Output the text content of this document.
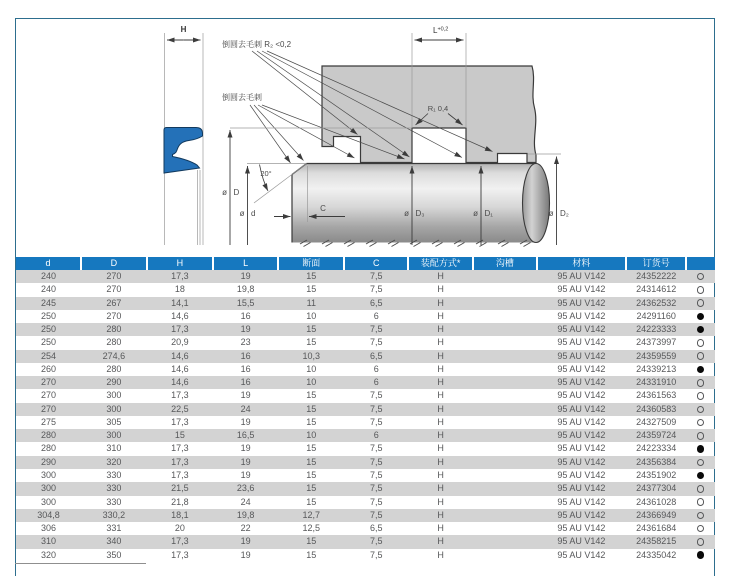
H	$L^{+0,2}$
R₁ 0,4
倒圆去毛刺 R₂ <0,2
倒圆去毛刺
20°
C
ø D
ø d	ø D₃	ø D₁	ø D₂
d	D	H	L	断面	C	装配方式*	沟槽	材料	订货号	
240	270	17,3	19	15	7,5	H		95 AU V142	24352222	
240	270	18	19,8	15	7,5	H		95 AU V142	24314612	
245	267	14,1	15,5	11	6,5	H		95 AU V142	24362532	
250	270	14,6	16	10	6	H		95 AU V142	24291160	
250	280	17,3	19	15	7,5	H		95 AU V142	24223333	
250	280	20,9	23	15	7,5	H		95 AU V142	24373997	
254	274,6	14,6	16	10,3	6,5	H		95 AU V142	24359559	
260	280	14,6	16	10	6	H		95 AU V142	24339213	
270	290	14,6	16	10	6	H		95 AU V142	24331910	
270	300	17,3	19	15	7,5	H		95 AU V142	24361563	
270	300	22,5	24	15	7,5	H		95 AU V142	24360583	
275	305	17,3	19	15	7,5	H		95 AU V142	24327509	
280	300	15	16,5	10	6	H		95 AU V142	24359724	
280	310	17,3	19	15	7,5	H		95 AU V142	24223334	
290	320	17,3	19	15	7,5	H		95 AU V142	24356384	
300	330	17,3	19	15	7,5	H		95 AU V142	24351902	
300	330	21,5	23,6	15	7,5	H		95 AU V142	24377304	
300	330	21,8	24	15	7,5	H		95 AU V142	24361028	
304,8	330,2	18,1	19,8	12,7	7,5	H		95 AU V142	24366949	
306	331	20	22	12,5	6,5	H		95 AU V142	24361684	
310	340	17,3	19	15	7,5	H		95 AU V142	24358215	
320	350	17,3	19	15	7,5	H		95 AU V142	24335042	
